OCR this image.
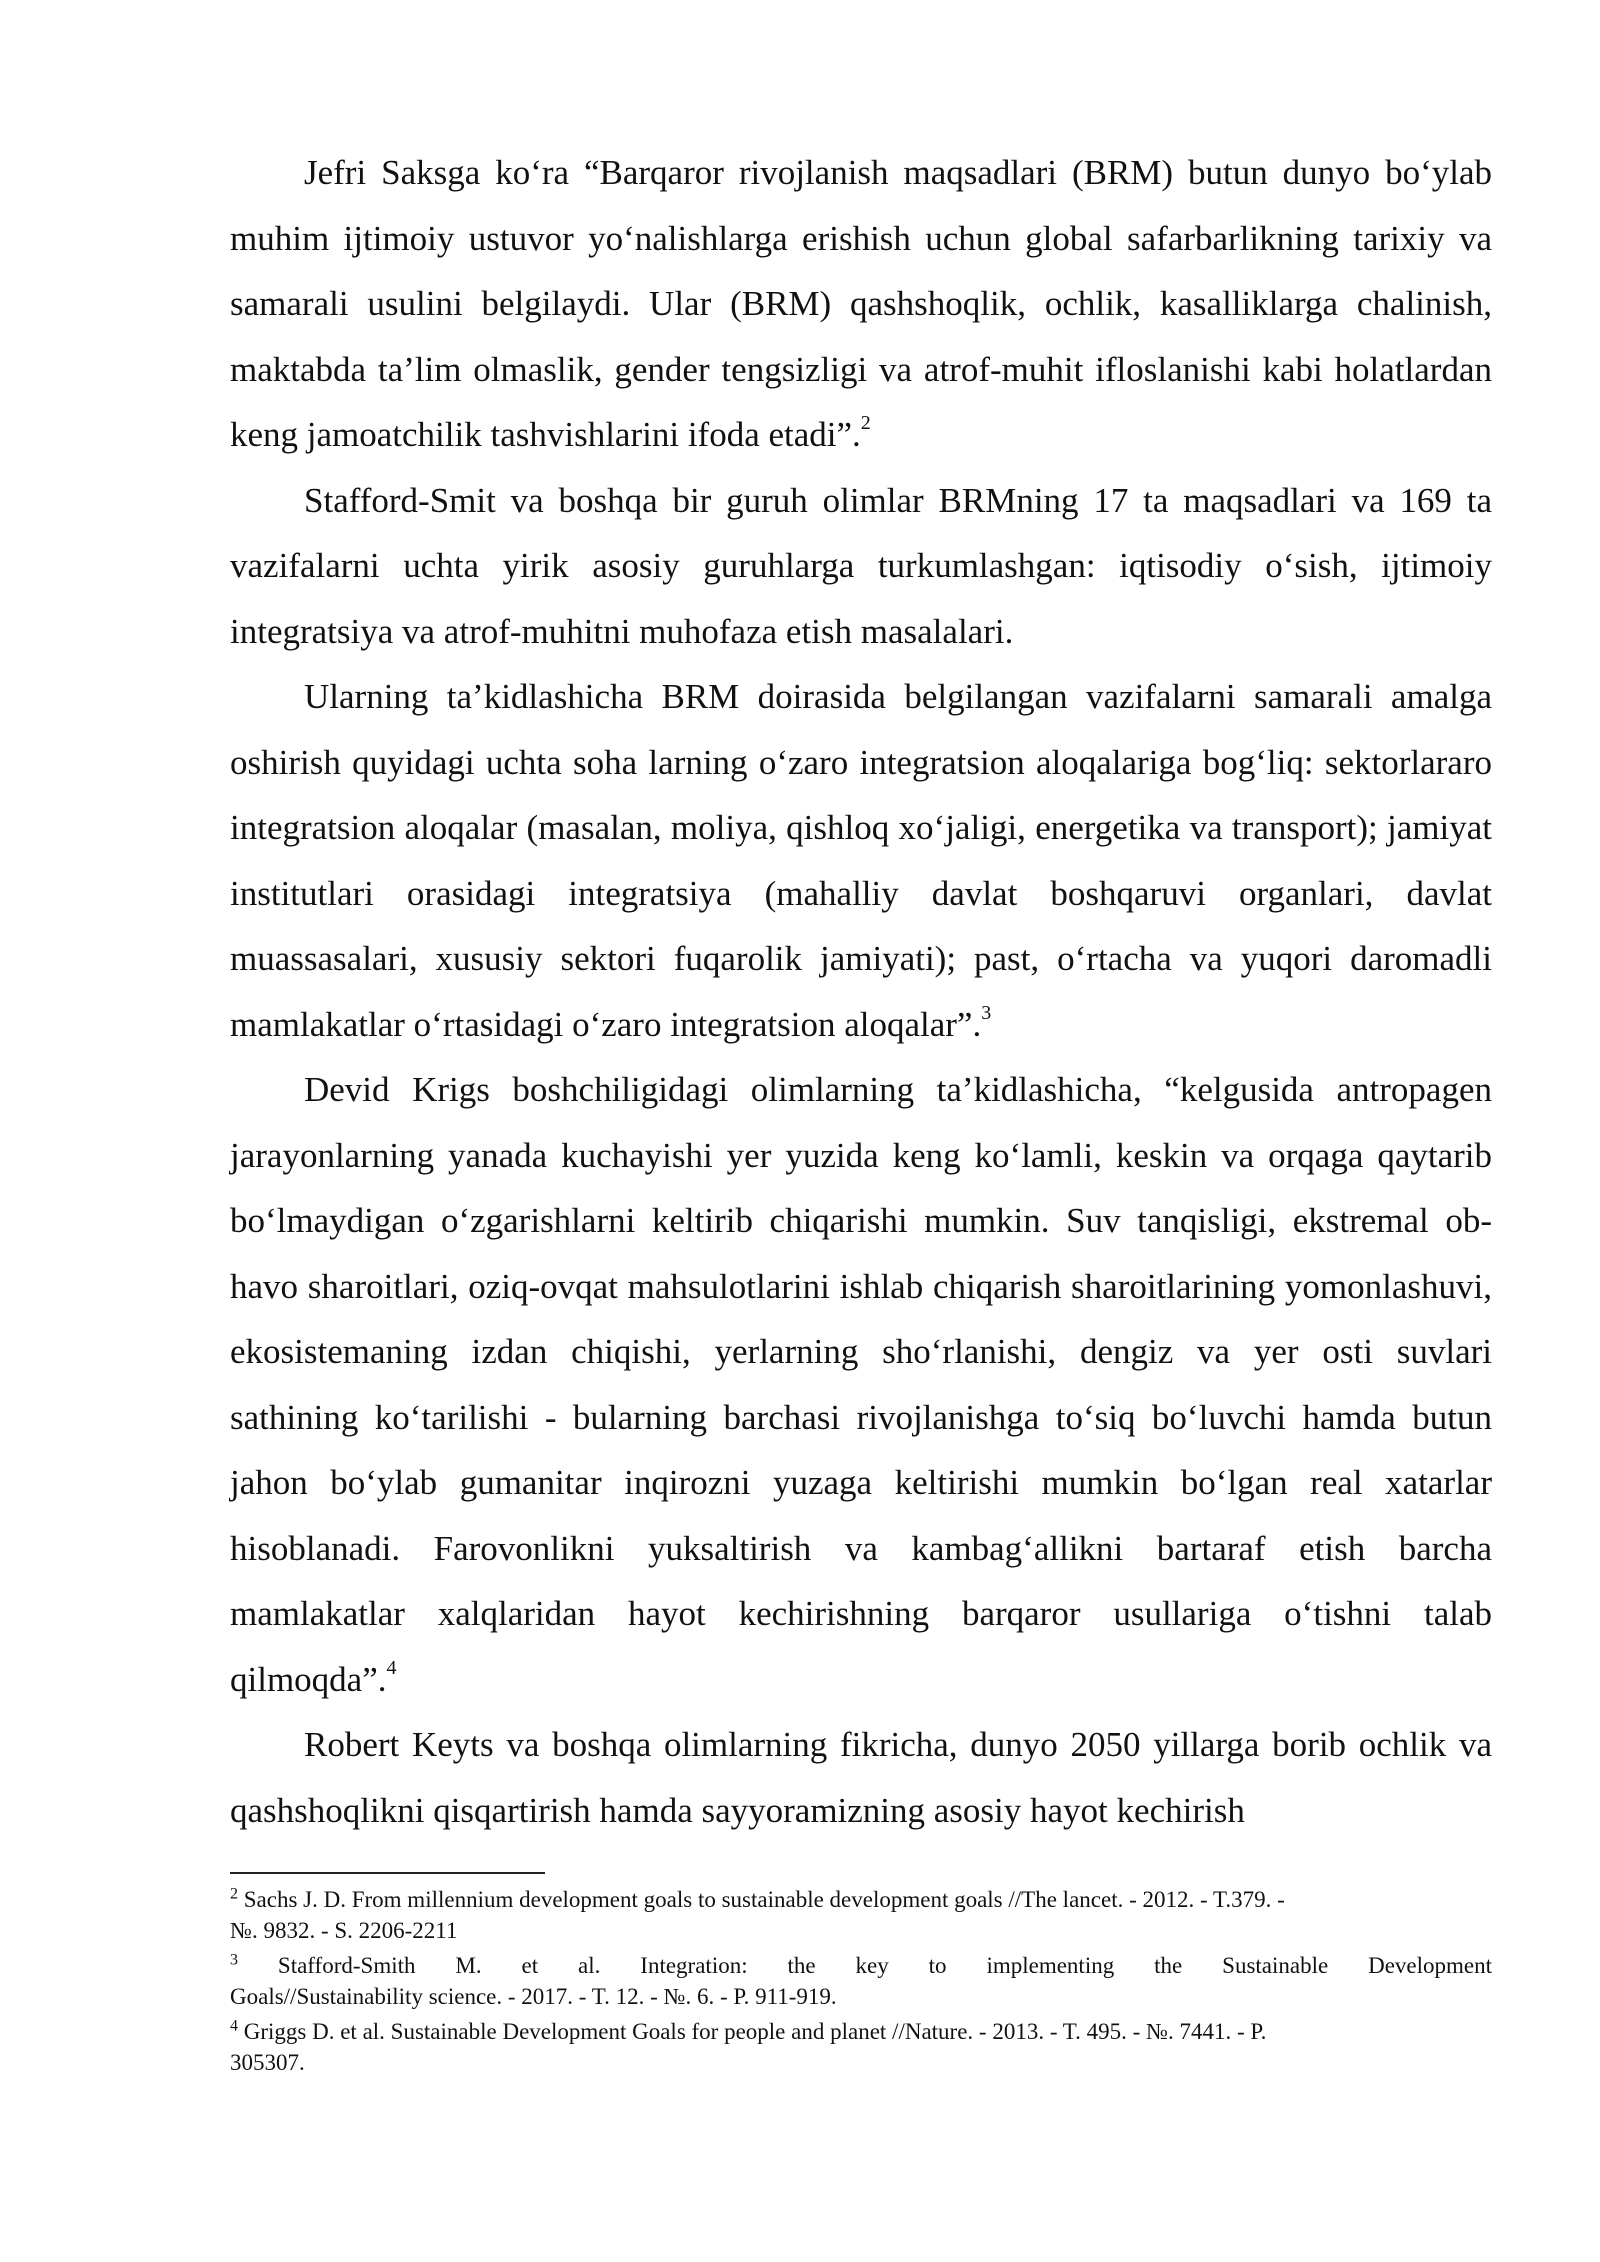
Jefri Saksga ko‘ra “Barqaror rivojlanish maqsadlari (BRM) butun dunyo bo‘ylab muhim ijtimoiy ustuvor yo‘nalishlarga erishish uchun global safarbarlikning tarixiy va samarali usulini belgilaydi. Ular (BRM) qashshoqlik, ochlik, kasalliklarga chalinish, maktabda ta’lim olmaslik, gender tengsizligi va atrof-muhit ifloslanishi kabi holatlardan keng jamoatchilik tashvishlarini ifoda etadi”.$^2$

Stafford-Smit va boshqa bir guruh olimlar BRMning 17 ta maqsadlari va 169 ta vazifalarni uchta yirik asosiy guruhlarga turkumlashgan: iqtisodiy o‘sish, ijtimoiy integratsiya va atrof-muhitni muhofaza etish masalalari.

Ularning ta’kidlashicha BRM doirasida belgilangan vazifalarni samarali amalga oshirish quyidagi uchta soha larning o‘zaro integratsion aloqalariga bog‘liq: sektorlararo integratsion aloqalar (masalan, moliya, qishloq xo‘jaligi, energetika va transport); jamiyat institutlari orasidagi integratsiya (mahalliy davlat boshqaruvi organlari, davlat muassasalari, xususiy sektori fuqarolik jamiyati); past, o‘rtacha va yuqori daromadli mamlakatlar o‘rtasidagi o‘zaro integratsion aloqalar”.$^3$

Devid Krigs boshchiligidagi olimlarning ta’kidlashicha, “kelgusida antropagen jarayonlarning yanada kuchayishi yer yuzida keng ko‘lamli, keskin va orqaga qaytarib bo‘lmaydigan o‘zgarishlarni keltirib chiqarishi mumkin. Suv tanqisligi, ekstremal ob-havo sharoitlari, oziq-ovqat mahsulotlarini ishlab chiqarish sharoitlarining yomonlashuvi, ekosistemaning izdan chiqishi, yerlarning sho‘rlanishi, dengiz va yer osti suvlari sathining ko‘tarilishi - bularning barchasi rivojlanishga to‘siq bo‘luvchi hamda butun jahon bo‘ylab gumanitar inqirozni yuzaga keltirishi mumkin bo‘lgan real xatarlar hisoblanadi. Farovonlikni yuksaltirish va kambag‘allikni bartaraf etish barcha mamlakatlar xalqlaridan hayot kechirishning barqaror usullariga o‘tishni talab qilmoqda”.$^4$

Robert Keyts va boshqa olimlarning fikricha, dunyo 2050 yillarga borib ochlik va qashshoqlikni qisqartirish hamda sayyoramizning asosiy hayot kechirish

$^2$ Sachs J. D. From millennium development goals to sustainable development goals //The lancet. - 2012. - T.379. -
№. 9832. - S. 2206-2211

$^3$ Stafford-Smith M. et al. Integration: the key to implementing the Sustainable Development
Goals//Sustainability science. - 2017. - T. 12. - №. 6. - P. 911-919.

$^4$ Griggs D. et al. Sustainable Development Goals for people and planet //Nature. - 2013. - T. 495. - №. 7441. - P.
305307.
